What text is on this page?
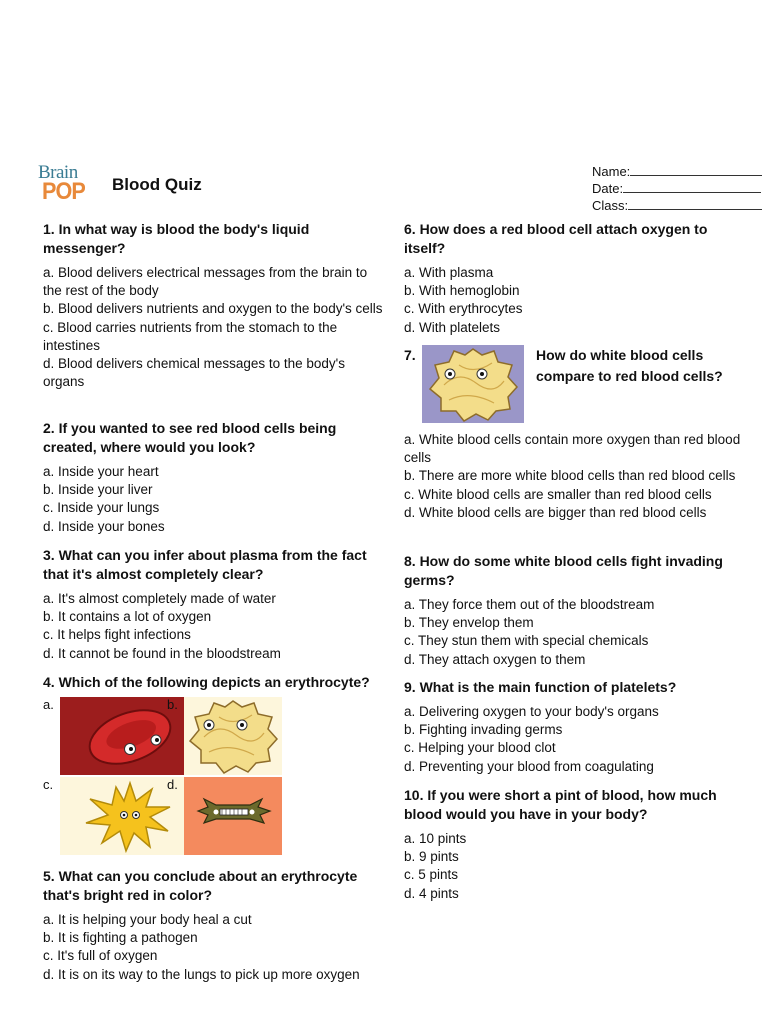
Brain
POP Blood Quiz
Name:
Date:
Class:
1. In what way is blood the body's liquid messenger?
a. Blood delivers electrical messages from the brain to the rest of the body
b. Blood delivers nutrients and oxygen to the body's cells
c. Blood carries nutrients from the stomach to the intestines
d. Blood delivers chemical messages to the body's organs
2. If you wanted to see red blood cells being created, where would you look?
a. Inside your heart
b. Inside your liver
c. Inside your lungs
d. Inside your bones
3. What can you infer about plasma from the fact that it's almost completely clear?
a. It's almost completely made of water
b. It contains a lot of oxygen
c. It helps fight infections
d. It cannot be found in the bloodstream
4. Which of the following depicts an erythrocyte?
a.	b.
c.	d.
5. What can you conclude about an erythrocyte that's bright red in color?
a. It is helping your body heal a cut
b. It is fighting a pathogen
c. It's full of oxygen
d. It is on its way to the lungs to pick up more oxygen
6. How does a red blood cell attach oxygen to itself?
a. With plasma
b. With hemoglobin
c. With erythrocytes
d. With platelets
7.	How do white blood cells compare to red blood cells?
a. White blood cells contain more oxygen than red blood cells
b. There are more white blood cells than red blood cells
c. White blood cells are smaller than red blood cells
d. White blood cells are bigger than red blood cells
8. How do some white blood cells fight invading germs?
a. They force them out of the bloodstream
b. They envelop them
c. They stun them with special chemicals
d. They attach oxygen to them
9. What is the main function of platelets?
a. Delivering oxygen to your body's organs
b. Fighting invading germs
c. Helping your blood clot
d. Preventing your blood from coagulating
10. If you were short a pint of blood, how much blood would you have in your body?
a. 10 pints
b. 9 pints
c. 5 pints
d. 4 pints
